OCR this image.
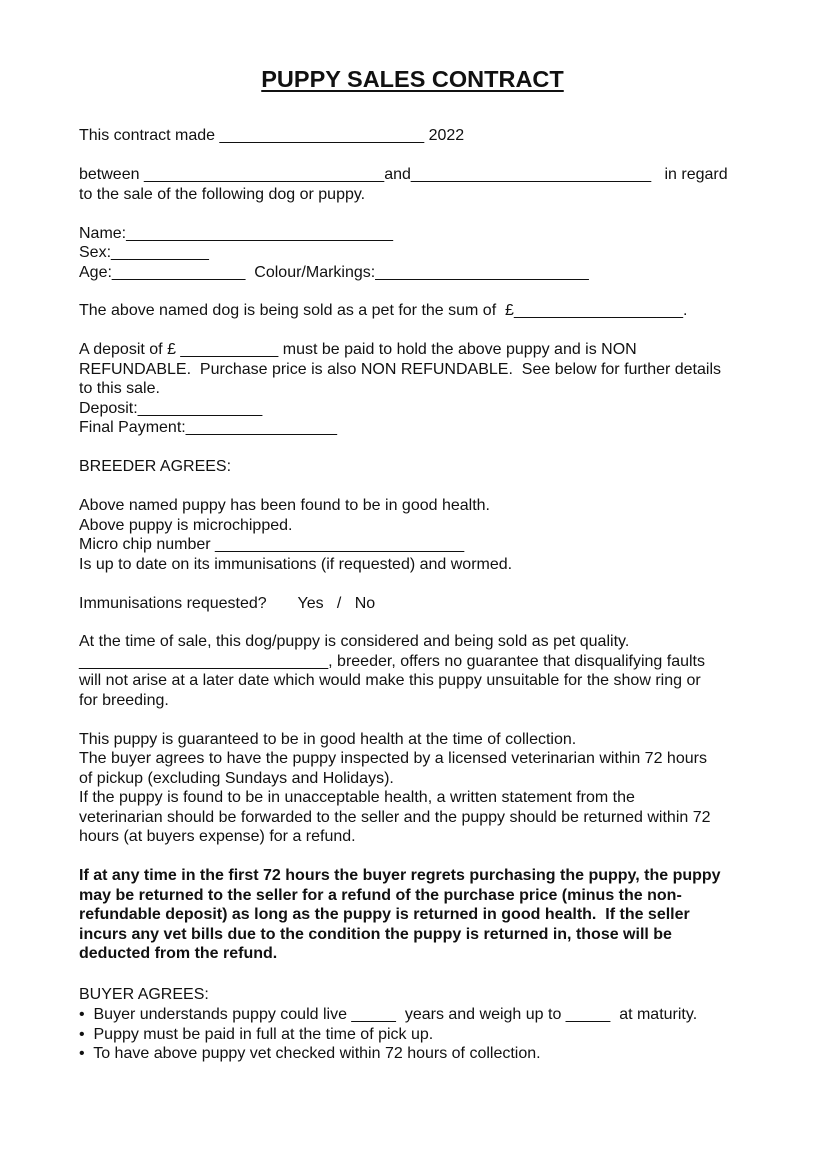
PUPPY SALES CONTRACT
This contract made _______________________ 2022
between ___________________________and___________________________   in regard
to the sale of the following dog or puppy.
Name:______________________________
Sex:___________
Age:_______________  Colour/Markings:________________________
The above named dog is being sold as a pet for the sum of  £___________________.
A deposit of £ ___________ must be paid to hold the above puppy and is NON
REFUNDABLE.  Purchase price is also NON REFUNDABLE.  See below for further details
to this sale.
Deposit:______________
Final Payment:_________________
BREEDER AGREES:
Above named puppy has been found to be in good health.
Above puppy is microchipped.
Micro chip number ____________________________
Is up to date on its immunisations (if requested) and wormed.
Immunisations requested?       Yes   /   No
At the time of sale, this dog/puppy is considered and being sold as pet quality.
____________________________, breeder, offers no guarantee that disqualifying faults
will not arise at a later date which would make this puppy unsuitable for the show ring or
for breeding.
This puppy is guaranteed to be in good health at the time of collection.
The buyer agrees to have the puppy inspected by a licensed veterinarian within 72 hours
of pickup (excluding Sundays and Holidays).
If the puppy is found to be in unacceptable health, a written statement from the
veterinarian should be forwarded to the seller and the puppy should be returned within 72
hours (at buyers expense) for a refund.
If at any time in the first 72 hours the buyer regrets purchasing the puppy, the puppy
may be returned to the seller for a refund of the purchase price (minus the non-
refundable deposit) as long as the puppy is returned in good health.  If the seller
incurs any vet bills due to the condition the puppy is returned in, those will be
deducted from the refund.
BUYER AGREES:
•  Buyer understands puppy could live _____  years and weigh up to _____  at maturity.
•  Puppy must be paid in full at the time of pick up.
•  To have above puppy vet checked within 72 hours of collection.
